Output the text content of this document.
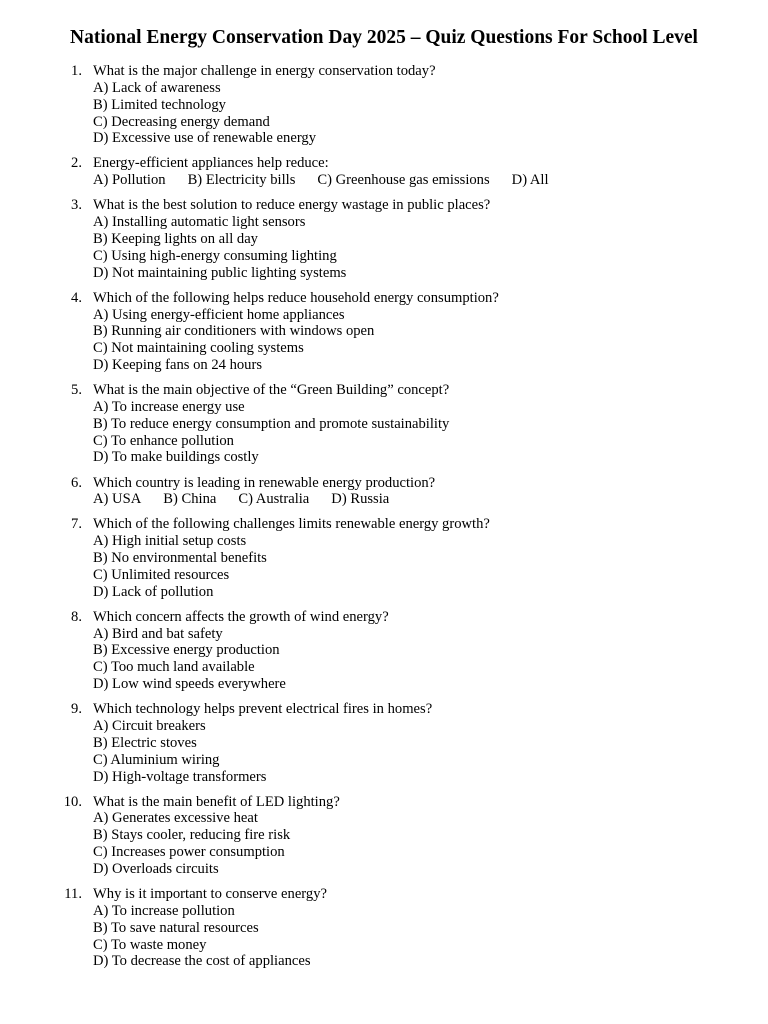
National Energy Conservation Day 2025 – Quiz Questions For School Level
1. What is the major challenge in energy conservation today?
A) Lack of awareness
B) Limited technology
C) Decreasing energy demand
D) Excessive use of renewable energy
2. Energy-efficient appliances help reduce:
A) Pollution B) Electricity bills C) Greenhouse gas emissions D) All
3. What is the best solution to reduce energy wastage in public places?
A) Installing automatic light sensors
B) Keeping lights on all day
C) Using high-energy consuming lighting
D) Not maintaining public lighting systems
4. Which of the following helps reduce household energy consumption?
A) Using energy-efficient home appliances
B) Running air conditioners with windows open
C) Not maintaining cooling systems
D) Keeping fans on 24 hours
5. What is the main objective of the “Green Building” concept?
A) To increase energy use
B) To reduce energy consumption and promote sustainability
C) To enhance pollution
D) To make buildings costly
6. Which country is leading in renewable energy production?
A) USA B) China C) Australia D) Russia
7. Which of the following challenges limits renewable energy growth?
A) High initial setup costs
B) No environmental benefits
C) Unlimited resources
D) Lack of pollution
8. Which concern affects the growth of wind energy?
A) Bird and bat safety
B) Excessive energy production
C) Too much land available
D) Low wind speeds everywhere
9. Which technology helps prevent electrical fires in homes?
A) Circuit breakers
B) Electric stoves
C) Aluminium wiring
D) High-voltage transformers
10. What is the main benefit of LED lighting?
A) Generates excessive heat
B) Stays cooler, reducing fire risk
C) Increases power consumption
D) Overloads circuits
11. Why is it important to conserve energy?
A) To increase pollution
B) To save natural resources
C) To waste money
D) To decrease the cost of appliances
